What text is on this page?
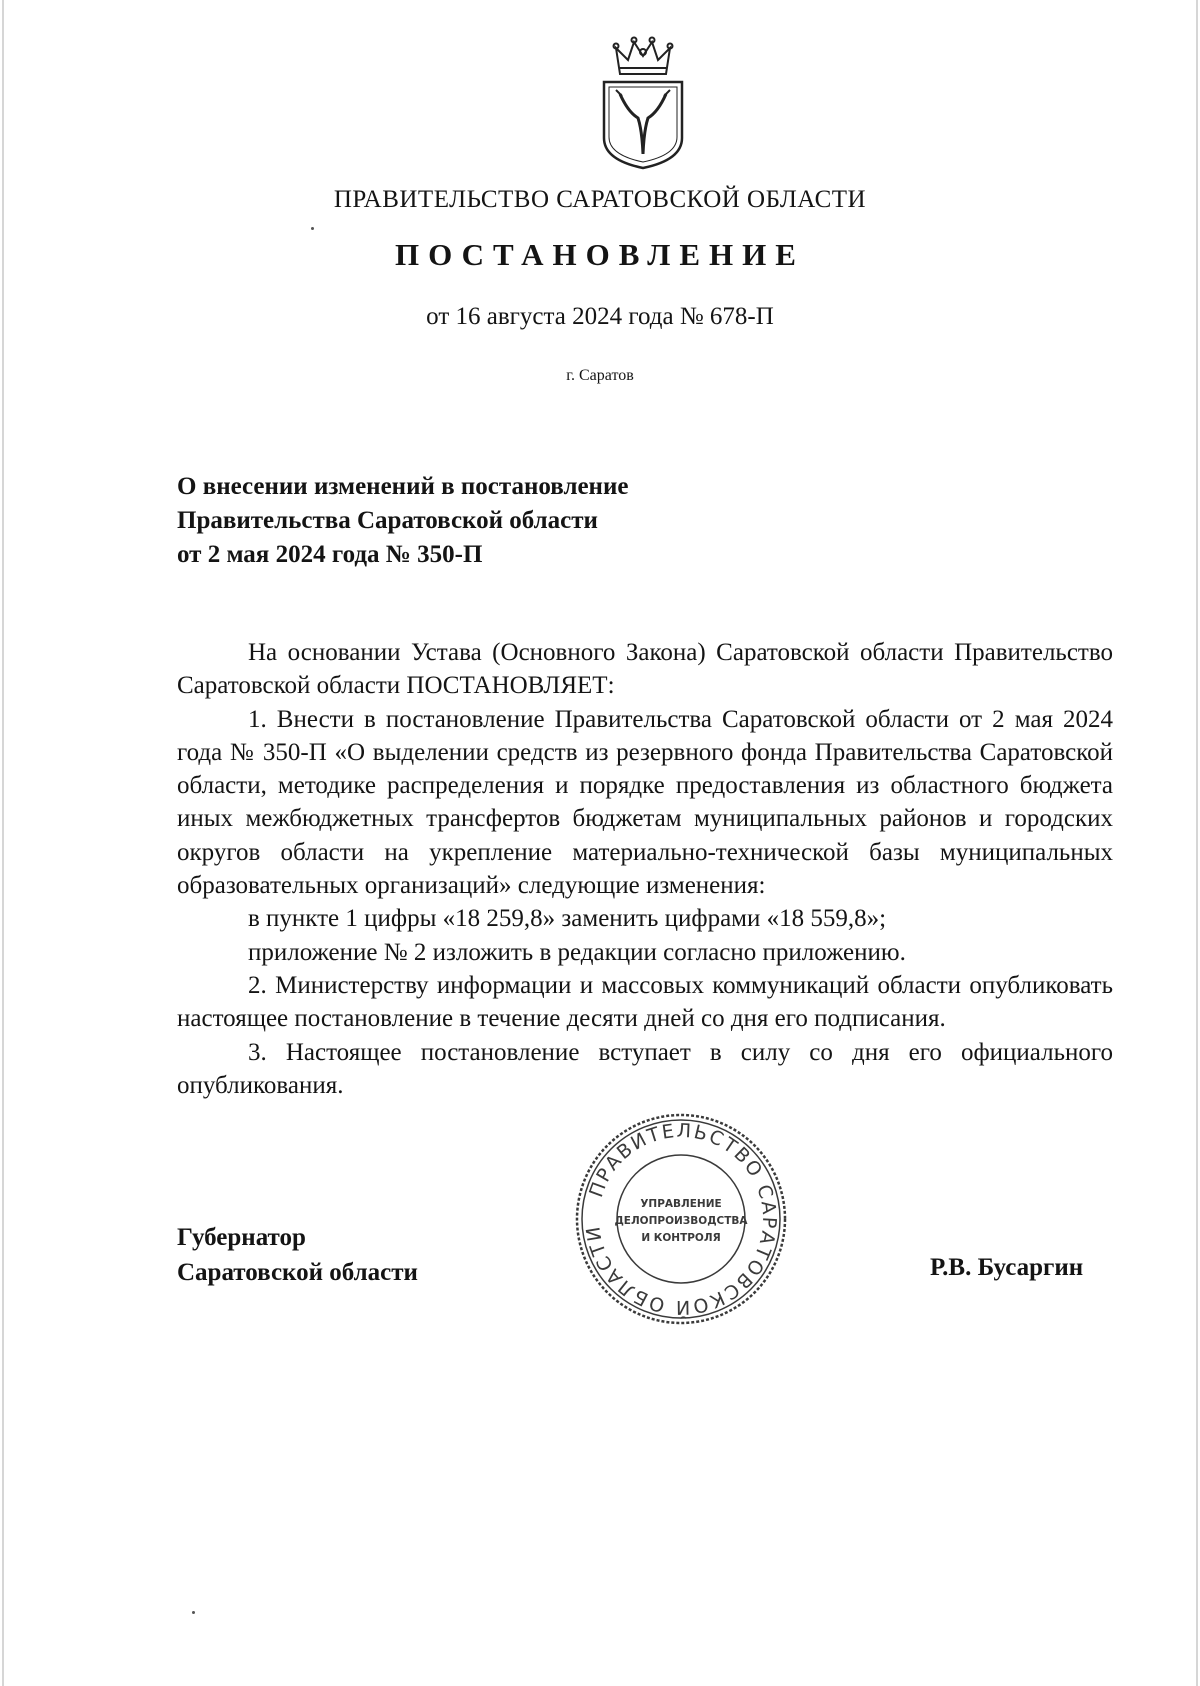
ПРАВИТЕЛЬСТВО САРАТОВСКОЙ ОБЛАСТИ
ПОСТАНОВЛЕНИЕ
от 16 августа 2024 года № 678-П
г. Саратов
О внесении изменений в постановление
Правительства Саратовской области
от 2 мая 2024 года № 350-П

На основании Устава (Основного Закона) Саратовской области Правительство Саратовской области ПОСТАНОВЛЯЕТ:

1. Внести в постановление Правительства Саратовской области от 2 мая 2024 года № 350-П «О выделении средств из резервного фонда Правительства Саратовской области, методике распределения и порядке предоставления из областного бюджета иных межбюджетных трансфертов бюджетам муниципальных районов и городских округов области на укрепление материально-технической базы муниципальных образовательных организаций» следующие изменения:

в пункте 1 цифры «18 259,8» заменить цифрами «18 559,8»;

приложение № 2 изложить в редакции согласно приложению.

2. Министерству информации и массовых коммуникаций области опубликовать настоящее постановление в течение десяти дней со дня его подписания.

3. Настоящее постановление вступает в силу со дня его официального опубликования.

ПРАВИТЕЛЬСТВО САРАТОВСКОЙ ОБЛАСТИ
УПРАВЛЕНИЕ
ДЕЛОПРОИЗВОДСТВА
И КОНТРОЛЯ
Губернатор
Саратовской области	Р.В. Бусаргин
